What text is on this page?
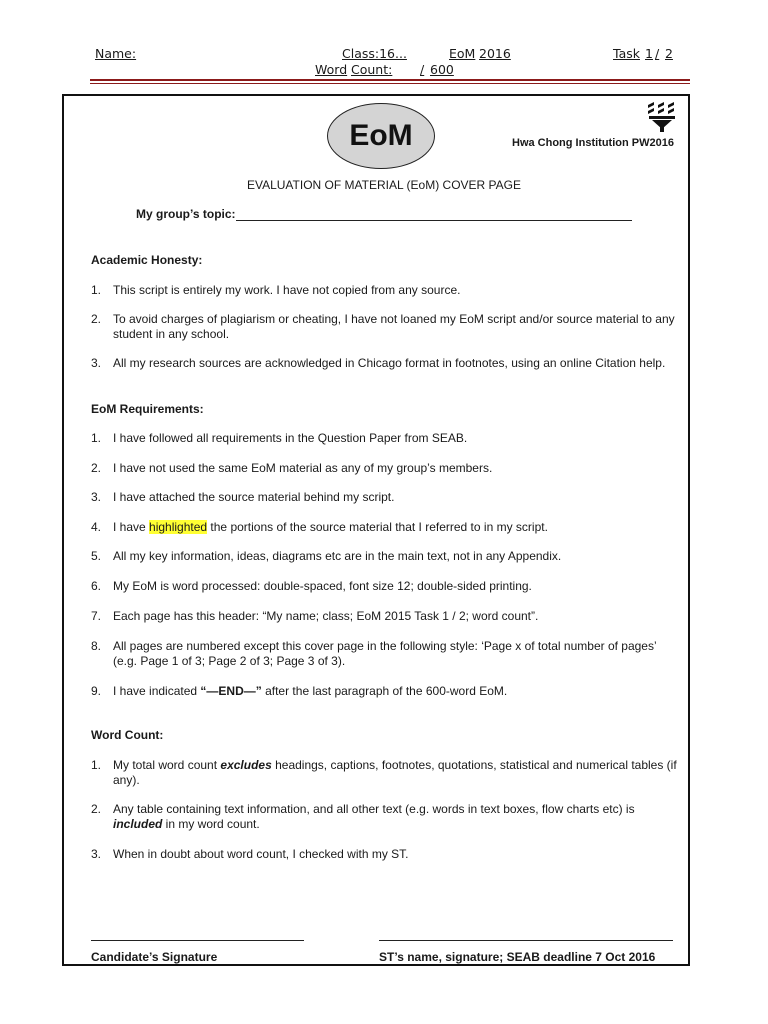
Name:	Class:16...	EoM 2016	Task 1 / 2
Word Count: / 600
EoM	Hwa Chong Institution PW2016
EVALUATION OF MATERIAL (EoM) COVER PAGE
My group’s topic:
Academic Honesty:
1. This script is entirely my work. I have not copied from any source.
2. To avoid charges of plagiarism or cheating, I have not loaned my EoM script and/or source material to any student in any school.
3. All my research sources are acknowledged in Chicago format in footnotes, using an online Citation help.
EoM Requirements:
1. I have followed all requirements in the Question Paper from SEAB.
2. I have not used the same EoM material as any of my group’s members.
3. I have attached the source material behind my script.
4. I have highlighted the portions of the source material that I referred to in my script.
5. All my key information, ideas, diagrams etc are in the main text, not in any Appendix.
6. My EoM is word processed: double-spaced, font size 12; double-sided printing.
7. Each page has this header: “My name; class; EoM 2015 Task 1 / 2; word count”.
8. All pages are numbered except this cover page in the following style: ‘Page x of total number of pages’ (e.g. Page 1 of 3; Page 2 of 3; Page 3 of 3).
9. I have indicated “—END—” after the last paragraph of the 600-word EoM.
Word Count:
1. My total word count excludes headings, captions, footnotes, quotations, statistical and numerical tables (if any).
2. Any table containing text information, and all other text (e.g. words in text boxes, flow charts etc) is included in my word count.
3. When in doubt about word count, I checked with my ST.
Candidate’s Signature	ST’s name, signature; SEAB deadline 7 Oct 2016
